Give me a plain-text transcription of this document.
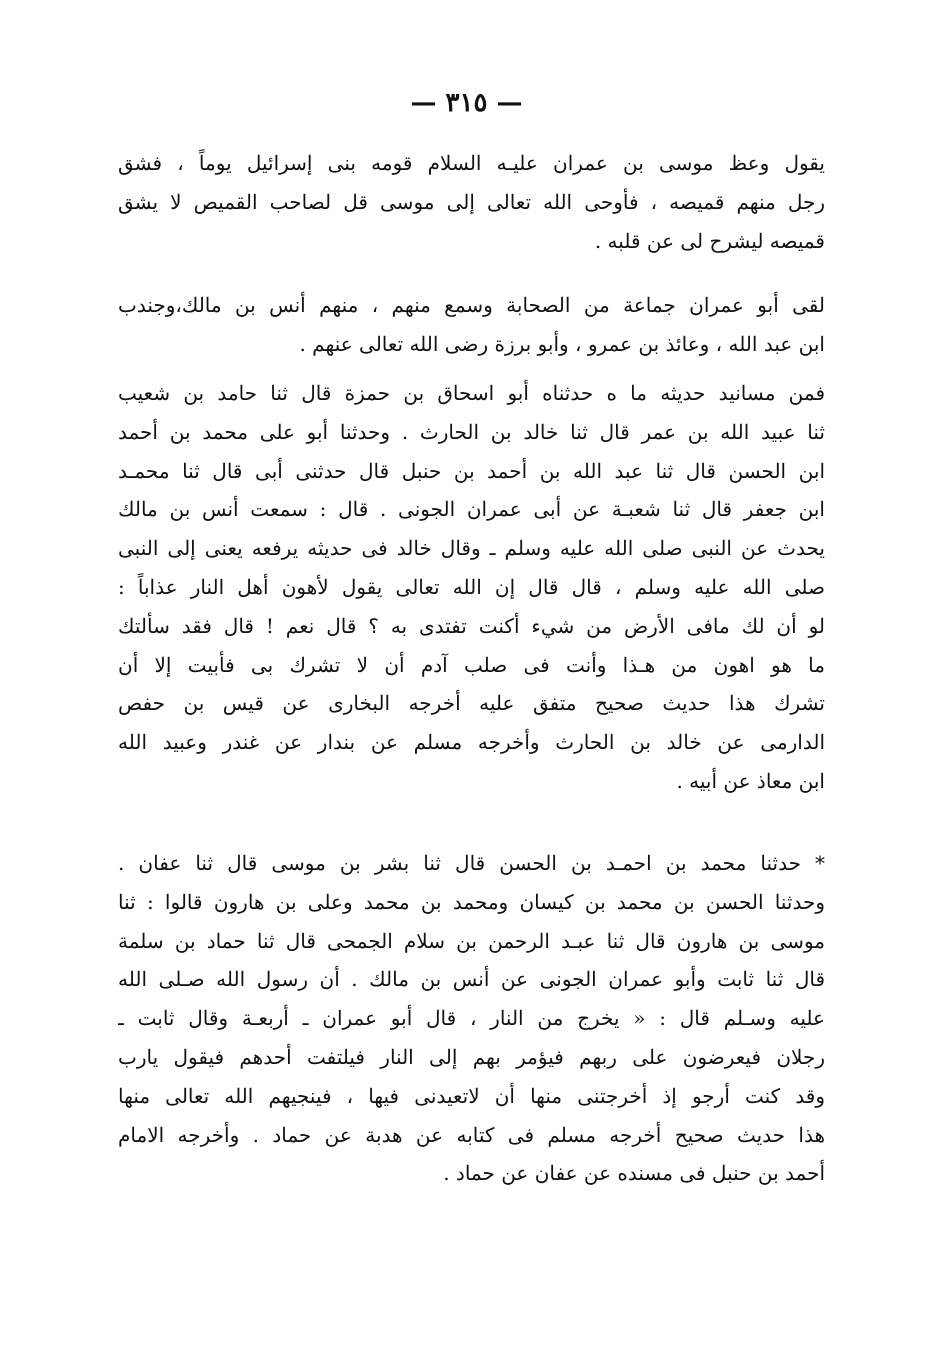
— ٣١٥ —
يقول وعظ موسى بن عمران عليـه السلام قومه بنى إسرائيل يوماً ، فشق
رجل منهم قميصه ، فأوحى الله تعالى إلى موسى قل لصاحب القميص لا يشق
قميصه ليشرح لى عن قلبه .
لقى أبو عمران جماعة من الصحابة وسمع منهم ، منهم أنس بن مالك،وجندب
ابن عبد الله ، وعائذ بن عمرو ، وأبو برزة رضى الله تعالى عنهم .
فمن مسانيد حديثه ما ه حدثناه أبو اسحاق بن حمزة قال ثنا حامد بن شعيب
ثنا عبيد الله بن عمر قال ثنا خالد بن الحارث . وحدثنا أبو على محمد بن أحمد
ابن الحسن قال ثنا عبد الله بن أحمد بن حنبل قال حدثنى أبى قال ثنا محمـد
ابن جعفر قال ثنا شعبـة عن أبى عمران الجونى . قال : سمعت أنس بن مالك
يحدث عن النبى صلى الله عليه وسلم ـ وقال خالد فى حديثه يرفعه يعنى إلى النبى
صلى الله عليه وسلم ، قال قال إن الله تعالى يقول لأهون أهل النار عذاباً :
لو أن لك مافى الأرض من شيء أكنت تفتدى به ؟ قال نعم ! قال فقد سألتك
ما هو اهون من هـذا وأنت فى صلب آدم أن لا تشرك بى فأبيت إلا أن
تشرك هذا حديث صحيح متفق عليه أخرجه البخارى عن قيس بن حفص
الدارمى عن خالد بن الحارث وأخرجه مسلم عن بندار عن غندر وعبيد الله
ابن معاذ عن أبيه .
* حدثنا محمد بن احمـد بن الحسن قال ثنا بشر بن موسى قال ثنا عفان .
وحدثنا الحسن بن محمد بن كيسان ومحمد بن محمد وعلى بن هارون قالوا : ثنا
موسى بن هارون قال ثنا عبـد الرحمن بن سلام الجمحى قال ثنا حماد بن سلمة
قال ثنا ثابت وأبو عمران الجونى عن أنس بن مالك . أن رسول الله صـلى الله
عليه وسـلم قال : « يخرج من النار ، قال أبو عمران ـ أربعـة وقال ثابت ـ
رجلان فيعرضون على ربهم فيؤمر بهم إلى النار فيلتفت أحدهم فيقول يارب
وقد كنت أرجو إذ أخرجتنى منها أن لاتعيدنى فيها ، فينجيهم الله تعالى منها
هذا حديث صحيح أخرجه مسلم فى كتابه عن هدبة عن حماد . وأخرجه الامام
أحمد بن حنبل فى مسنده عن عفان عن حماد .
